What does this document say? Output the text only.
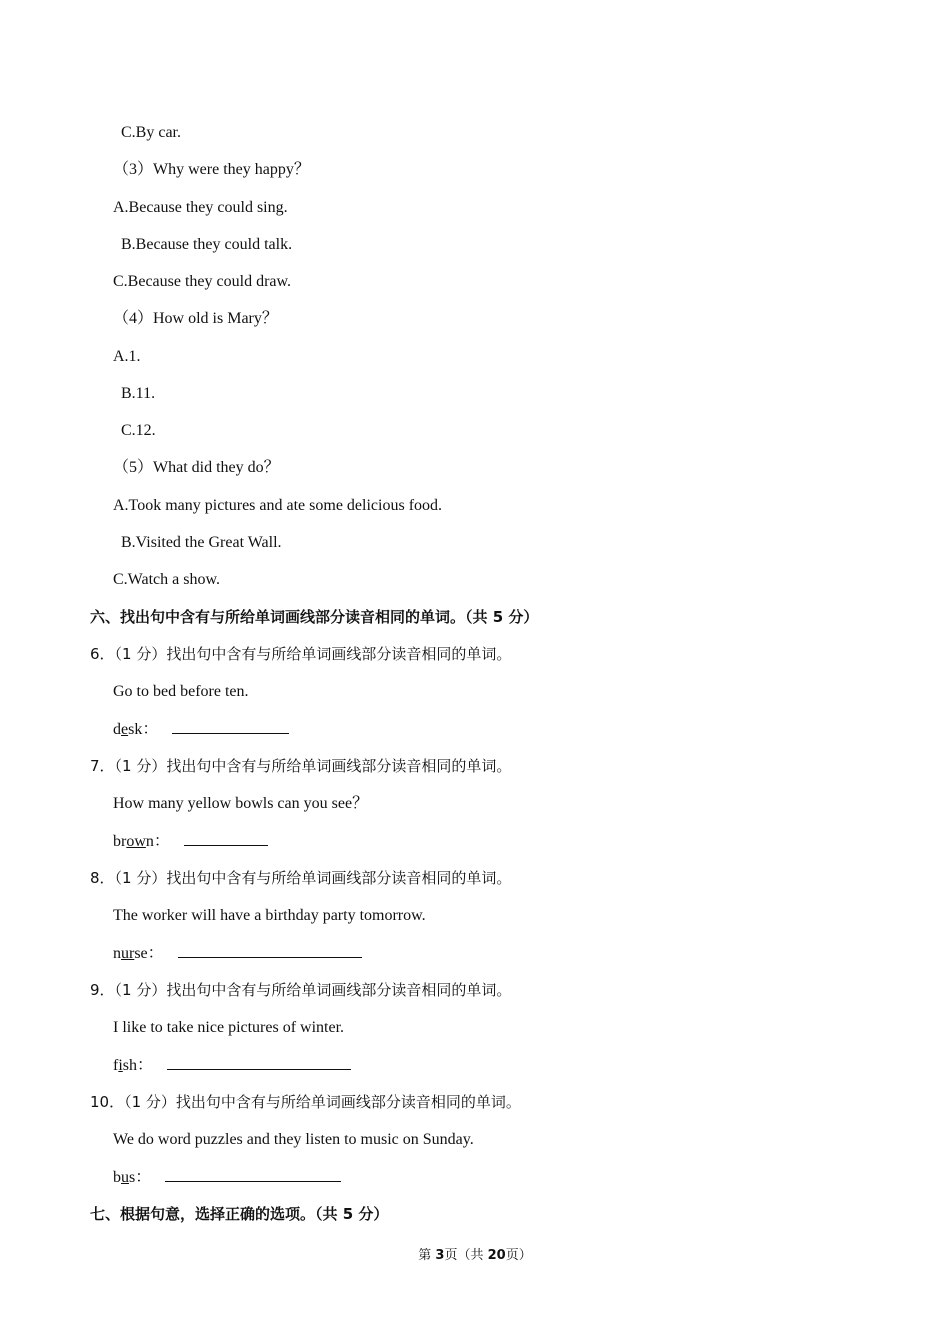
C.By car.
（3）Why were they happy？
A.Because they could sing.
B.Because they could talk.
C.Because they could draw.
（4）How old is Mary？
A.1.
B.11.
C.12.
（5）What did they do？
A.Took many pictures and ate some delicious food.
B.Visited the Great Wall.
C.Watch a show.
六、找出句中含有与所给单词画线部分读音相同的单词。（共 5 分）
6．（1 分）找出句中含有与所给单词画线部分读音相同的单词。
Go to bed before ten.
desk：
7．（1 分）找出句中含有与所给单词画线部分读音相同的单词。
How many yellow bowls can you see？
brown：
8．（1 分）找出句中含有与所给单词画线部分读音相同的单词。
The worker will have a birthday party tomorrow.
nurse：
9．（1 分）找出句中含有与所给单词画线部分读音相同的单词。
I like to take nice pictures of winter.
fish：
10．（1 分）找出句中含有与所给单词画线部分读音相同的单词。
We do word puzzles and they listen to music on Sunday.
bus：
七、根据句意，选择正确的选项。（共 5 分）
第 3页（共 20页）
